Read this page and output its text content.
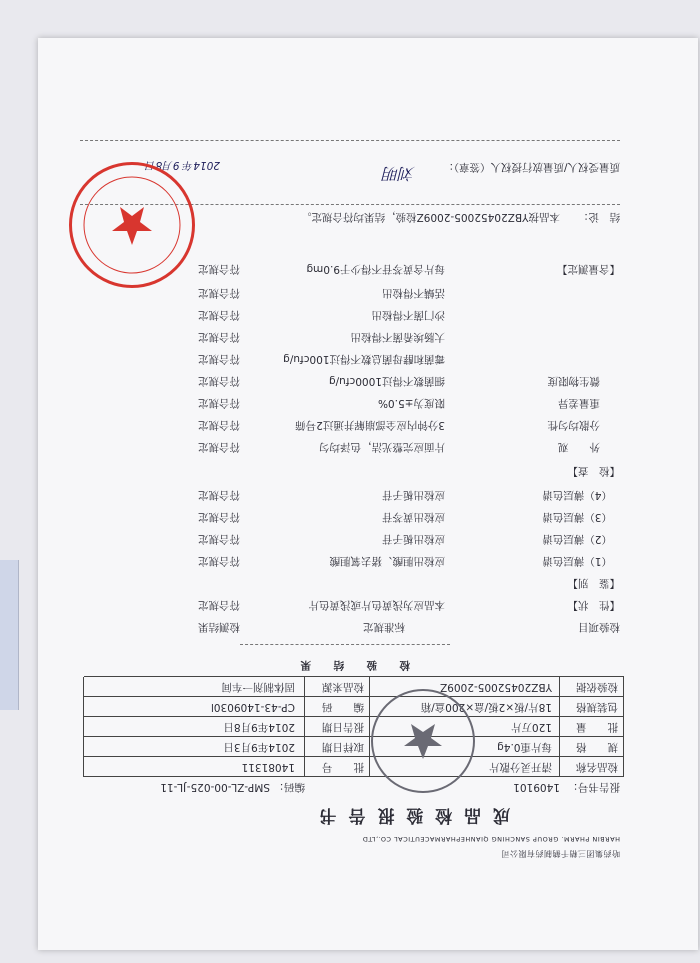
哈药集团三精千鹤制药有限公司
HARBIN PHARM. GROUP SANCHING QIANHEPHARMACEUTICAL CO.,LTD
成 品 检 验 报 告 书
报告书号：
1409101
编码：
SMP-ZL-00-025-JL-11
检品名称
清开灵分散片
批　　号
14081311
规　　格
每片重0.4g
取样日期
2014年9月3日
批　　量
120万片
报告日期
2014年9月8日
包装规格
18片/板×2板/盒×200盒/箱
编　　码
CP-43-1409030l
检验依据
YBZ20452005-2009Z
检品来源
固体制剂一车间
检　验　结　果
检验项目
标准规定
检测结果
【性　状】
本品应为浅黄色片或浅黄色片
符合规定
【鉴　别】
（1）薄层色谱
应检出胆酸、猪去氧胆酸
符合规定
（2）薄层色谱
应检出栀子苷
符合规定
（3）薄层色谱
应检出黄芩苷
符合规定
（4）薄层色谱
应检出栀子苷
符合规定
【检　查】
外　　观
片面应完整光洁，色泽均匀
符合规定
分散均匀性
3分钟内应全部崩解并通过2号筛
符合规定
重量差异
限度为±5.0%
符合规定
微生物限度
细菌数不得过1000cfu/g
符合规定
霉菌和酵母菌总数不得过100cfu/g
符合规定
大肠埃希菌不得检出
符合规定
沙门菌不得检出
符合规定
活螨不得检出
符合规定
【含量测定】
每片含黄芩苷不得少于9.0mg
符合规定
结　论：
本品按YBZ20452005-2009Z检验，结果均符合规定。
质量受权人/质量放行授权人（签章）：
刘明
2014年 9月8日
